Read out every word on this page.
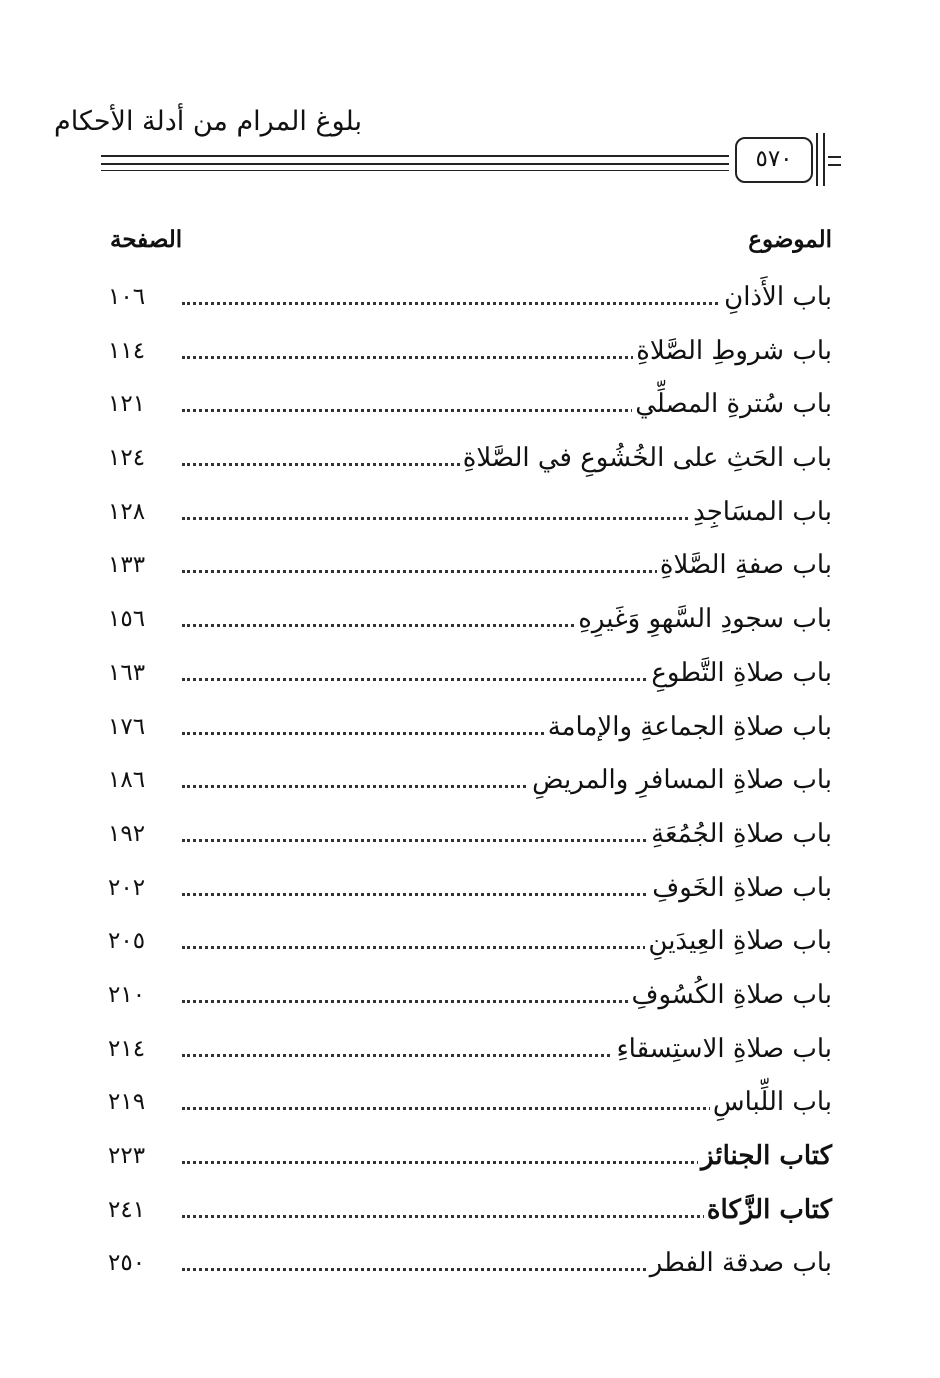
بلوغ المرام من أدلة الأحكام
٥٧٠
الموضوع
الصفحة
باب الأَذانِ
١٠٦
باب شروطِ الصَّلاةِ
١١٤
باب سُترةِ المصلِّي
١٢١
باب الحَثِ على الخُشُوعِ في الصَّلاةِ
١٢٤
باب المسَاجِدِ
١٢٨
باب صفةِ الصَّلاةِ
١٣٣
باب سجودِ السَّهوِ وَغَيرِهِ
١٥٦
باب صلاةِ التَّطوعِ
١٦٣
باب صلاةِ الجماعةِ والإمامة
١٧٦
باب صلاةِ المسافرِ والمريضِ
١٨٦
باب صلاةِ الجُمُعَةِ
١٩٢
باب صلاةِ الخَوفِ
٢٠٢
باب صلاةِ العِيدَينِ
٢٠٥
باب صلاةِ الكُسُوفِ
٢١٠
باب صلاةِ الاستِسقاءِ
٢١٤
باب اللِّباسِ
٢١٩
كتاب الجنائز
٢٢٣
كتاب الزَّكاة
٢٤١
باب صدقة الفطر
٢٥٠
